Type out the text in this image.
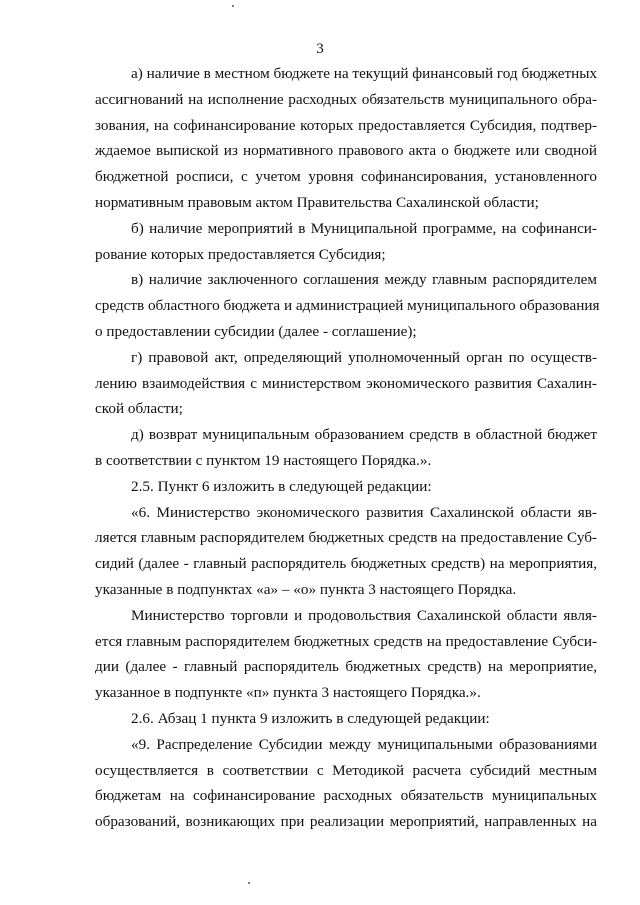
3

а) наличие в местном бюджете на текущий финансовый год бюджетных
ассигнований на исполнение расходных обязательств муниципального обра-
зования, на софинансирование которых предоставляется Субсидия, подтвер-
ждаемое выпиской из нормативного правового акта о бюджете или сводной
бюджетной росписи, с учетом уровня софинансирования, установленного
нормативным правовым актом Правительства Сахалинской области;

б) наличие мероприятий в Муниципальной программе, на софинанси-
рование которых предоставляется Субсидия;

в) наличие заключенного соглашения между главным распорядителем
средств областного бюджета и администрацией муниципального образования
о предоставлении субсидии (далее - соглашение);

г) правовой акт, определяющий уполномоченный орган по осуществ-
лению взаимодействия с министерством экономического развития Сахалин-
ской области;

д) возврат муниципальным образованием средств в областной бюджет
в соответствии с пунктом 19 настоящего Порядка.».

2.5. Пункт 6 изложить в следующей редакции:

«6. Министерство экономического развития Сахалинской области яв-
ляется главным распорядителем бюджетных средств на предоставление Суб-
сидий (далее - главный распорядитель бюджетных средств) на мероприятия,
указанные в подпунктах «а» – «о» пункта 3 настоящего Порядка.

Министерство торговли и продовольствия Сахалинской области явля-
ется главным распорядителем бюджетных средств на предоставление Субси-
дии (далее - главный распорядитель бюджетных средств) на мероприятие,
указанное в подпункте «п» пункта 3 настоящего Порядка.».

2.6. Абзац 1 пункта 9 изложить в следующей редакции:

«9. Распределение Субсидии между муниципальными образованиями
осуществляется в соответствии с Методикой расчета субсидий местным
бюджетам на софинансирование расходных обязательств муниципальных
образований, возникающих при реализации мероприятий, направленных на
